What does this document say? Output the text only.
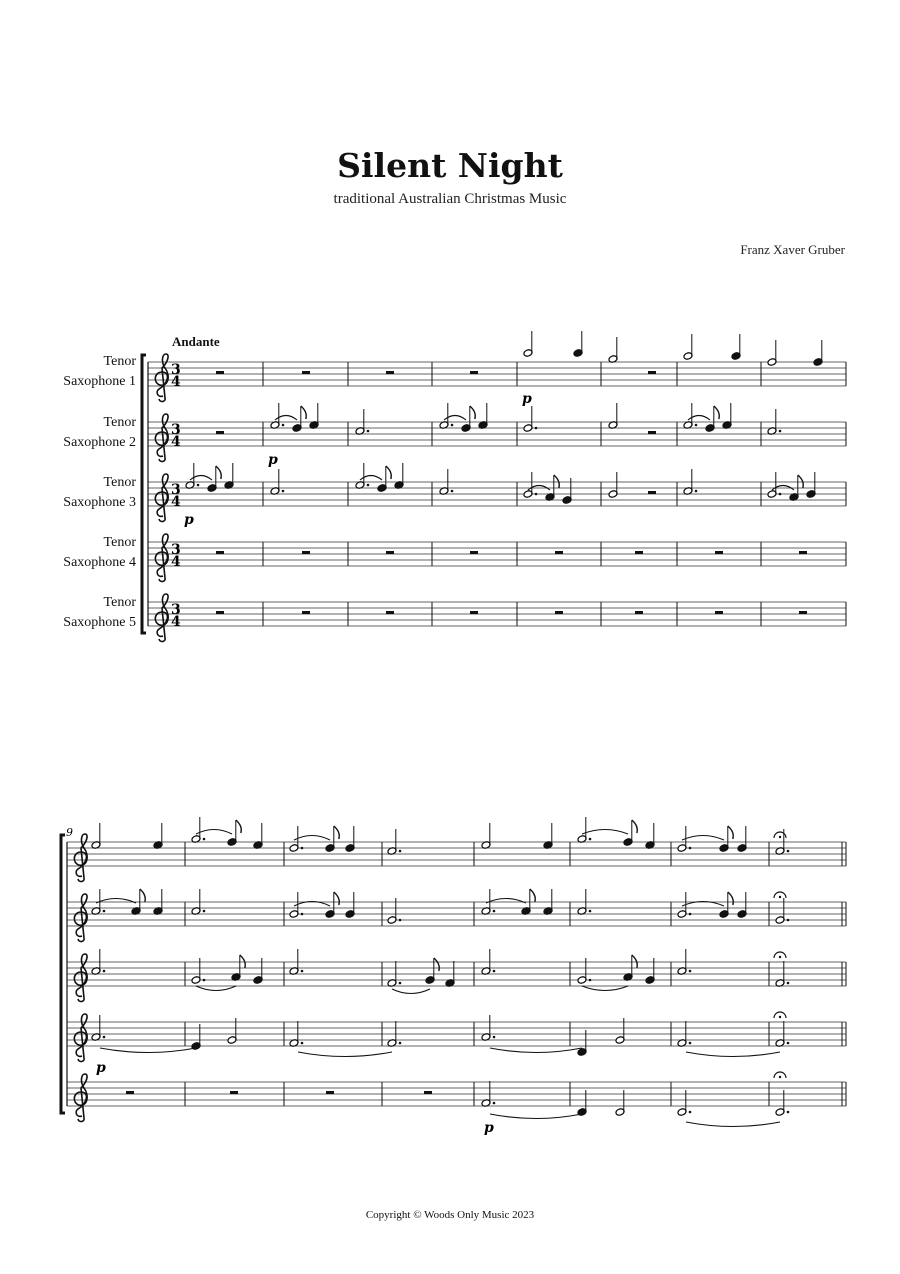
Silent Night
traditional Australian Christmas Music
Franz Xaver Gruber
Andante
Tenor
Saxophone 1
Tenor
Saxophone 2
Tenor
Saxophone 3
Tenor
Saxophone 4
Tenor
Saxophone 5
3
4
3
4
3
4
3
4
3
4
p
p
p
p
p
9
Copyright © Woods Only Music 2023
